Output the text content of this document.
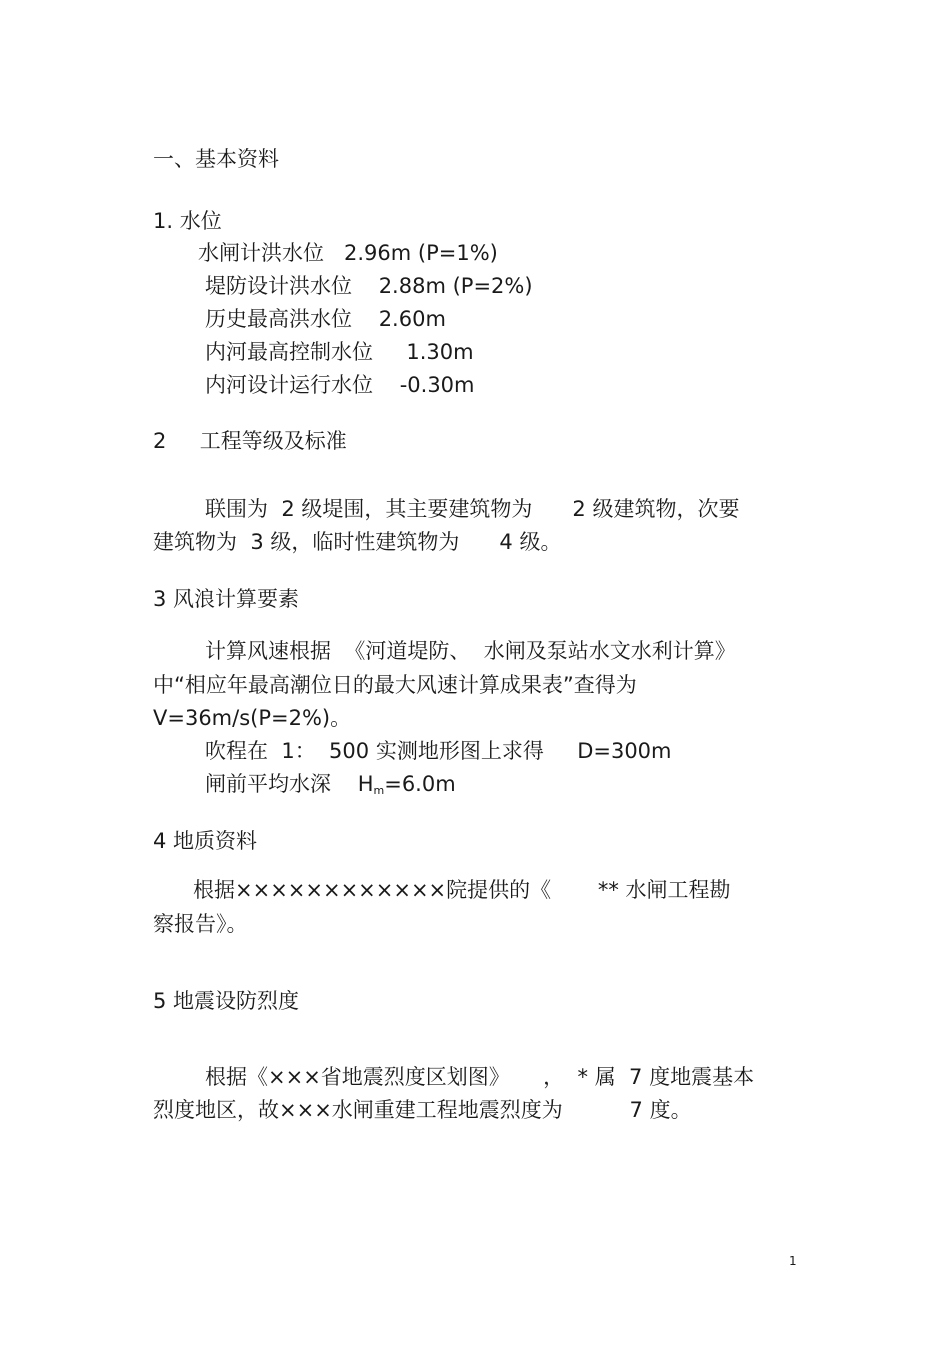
一、基本资料
1. 水位
水闸计洪水位   2.96m (P=1%)
堤防设计洪水位    2.88m (P=2%)
历史最高洪水位    2.60m
内河最高控制水位     1.30m
内河设计运行水位    -0.30m
2     工程等级及标准
联围为  2 级堤围，其主要建筑物为      2 级建筑物，次要
建筑物为  3 级，临时性建筑物为      4 级。
3 风浪计算要素
计算风速根据  《河道堤防、  水闸及泵站水文水利计算》
中“相应年最高潮位日的最大风速计算成果表”查得为
V=36m/s(P=2%)。
吹程在  1：  500 实测地形图上求得     D=300m
闸前平均水深    $H_m=6.0m$
4 地质资料
根据××××××××××××院提供的《       ** 水闸工程勘
察报告》。
5 地震设防烈度
根据《×××省地震烈度区划图》     ，  * 属  7 度地震基本
烈度地区，故×××水闸重建工程地震烈度为          7 度。
1
